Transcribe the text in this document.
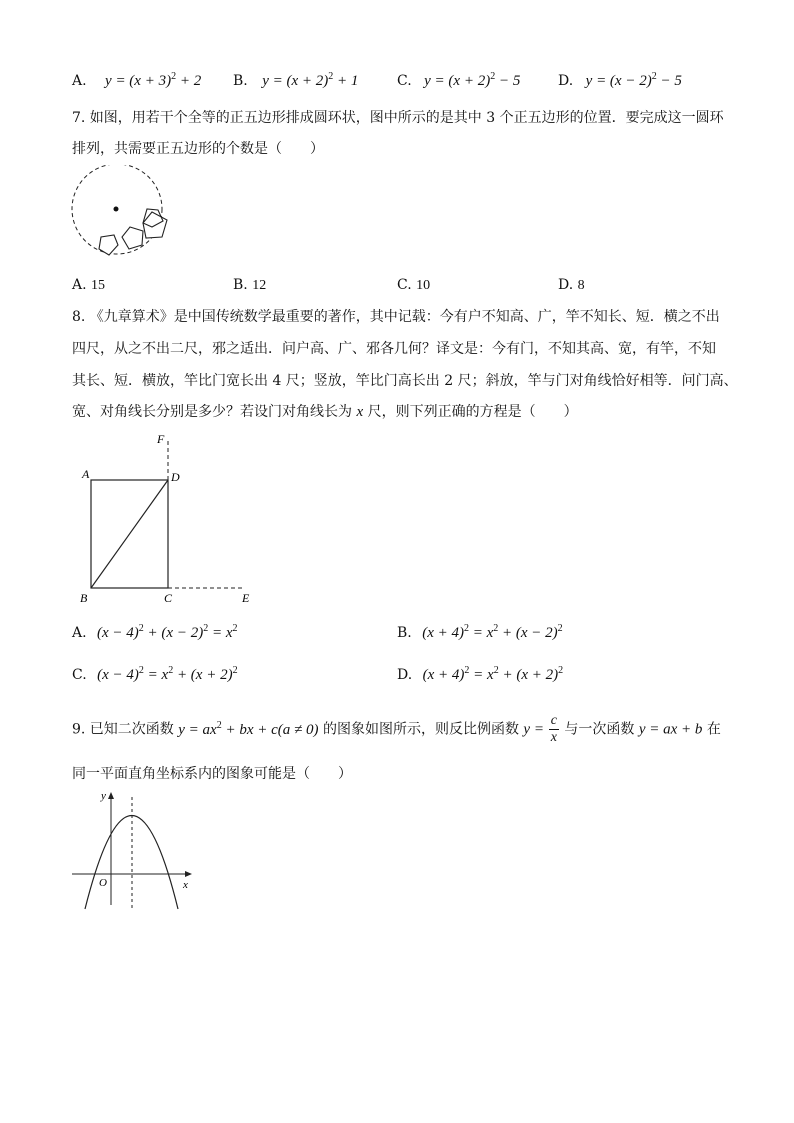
A. $y = (x + 3)^2 + 2$ B. $y = (x + 2)^2 + 1$	C. $y = (x + 2)^2 - 5$	D. $y = (x - 2)^2 - 5$
7. 如图，用若干个全等的正五边形排成圆环状，图中所示的是其中 3 个正五边形的位置．要完成这一圆环
排列，共需要正五边形的个数是（　　）
A. 15	B. 12	C. 10	D. 8
8. 《九章算术》是中国传统数学最重要的著作，其中记载：今有户不知高、广，竿不知长、短．横之不出
四尺，从之不出二尺，邪之适出．问户高、广、邪各几何？译文是：今有门，不知其高、宽，有竿，不知
其长、短．横放，竿比门宽长出 4 尺；竖放，竿比门高长出 2 尺；斜放，竿与门对角线恰好相等．问门高、
宽、对角线长分别是多少？若设门对角线长为 x 尺，则下列正确的方程是（　　）
F
A	D
B	C	E
A. $(x - 4)^2 + (x - 2)^2 = x^2$	B. $(x + 4)^2 = x^2 + (x - 2)^2$
C. $(x - 4)^2 = x^2 + (x + 2)^2$	D. $(x + 4)^2 = x^2 + (x + 2)^2$
9. 已知二次函数 $y = ax^2$ + bx + c(a ≠ 0) 的图象如图所示，则反比例函数 $y = \frac{c}{x}$ 与一次函数 y = ax + b 在
同一平面直角坐标系内的图象可能是（　　）
y
x
O
